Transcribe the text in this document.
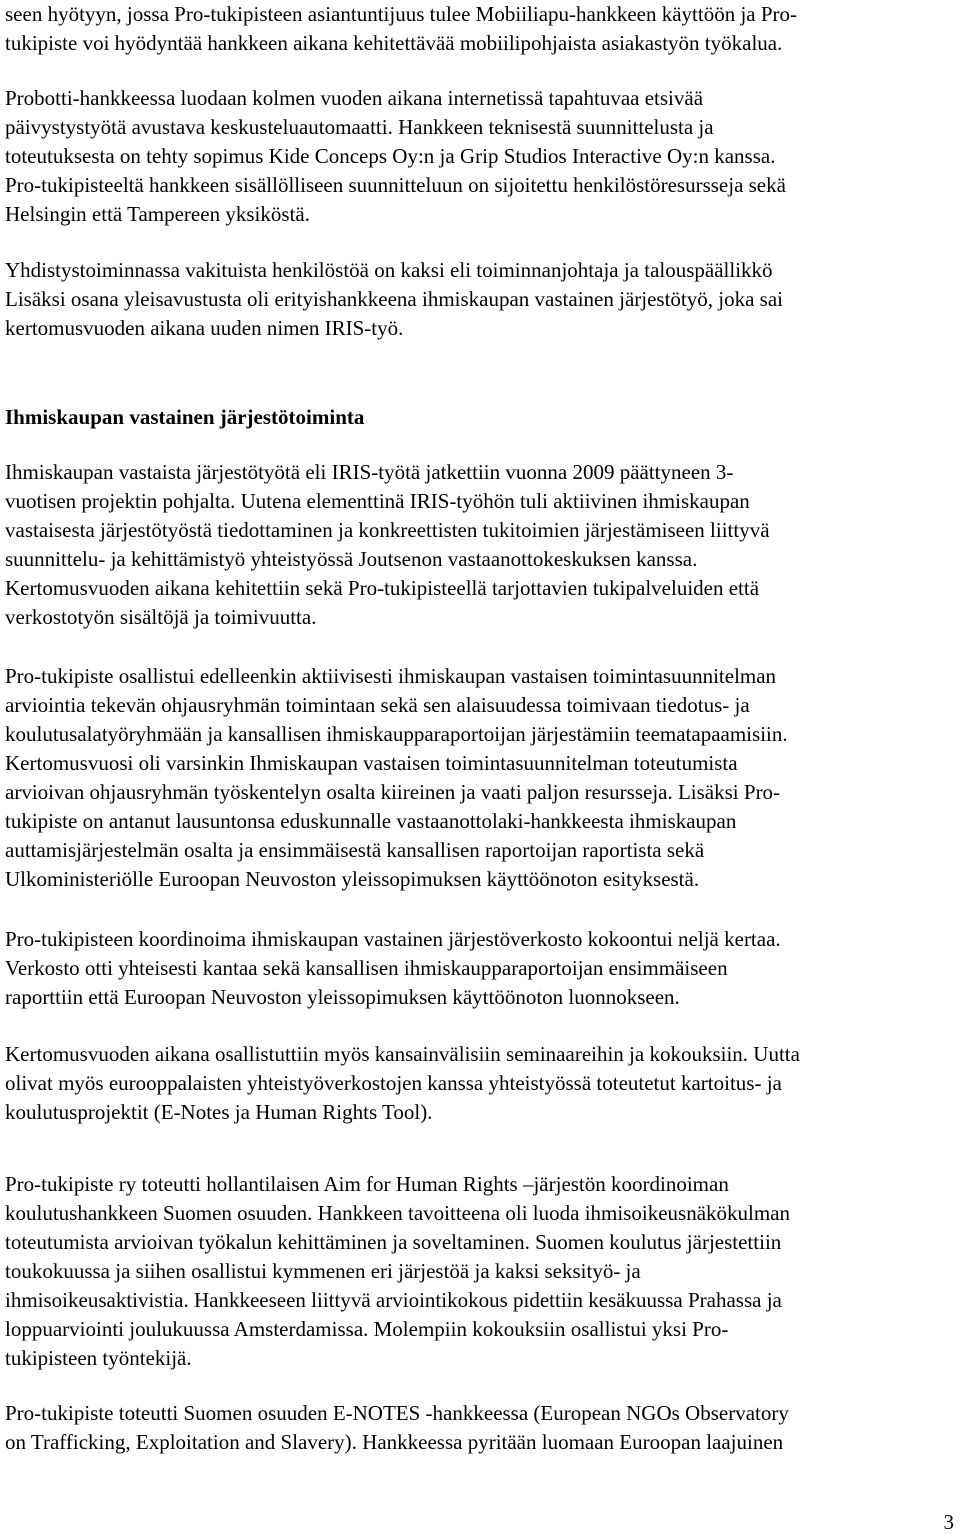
seen hyötyyn, jossa Pro-tukipisteen asiantuntijuus tulee Mobiiliapu-hankkeen käyttöön ja Pro-
tukipiste voi hyödyntää hankkeen aikana kehitettävää mobiilipohjaista asiakastyön työkalua.
Probotti-hankkeessa luodaan kolmen vuoden aikana internetissä tapahtuvaa etsivää
päivystystyötä avustava keskusteluautomaatti. Hankkeen teknisestä suunnittelusta ja
toteutuksesta on tehty sopimus Kide Conceps Oy:n ja Grip Studios Interactive Oy:n kanssa.
Pro-tukipisteeltä hankkeen sisällölliseen suunnitteluun on sijoitettu henkilöstöresursseja sekä
Helsingin että Tampereen yksiköstä.
Yhdistystoiminnassa vakituista henkilöstöä on kaksi eli toiminnanjohtaja ja talouspäällikkö
Lisäksi osana yleisavustusta oli erityishankkeena ihmiskaupan vastainen järjestötyö, joka sai
kertomusvuoden aikana uuden nimen IRIS-työ.
Ihmiskaupan vastainen järjestötoiminta
Ihmiskaupan vastaista järjestötyötä eli IRIS-työtä jatkettiin vuonna 2009 päättyneen 3-
vuotisen projektin pohjalta. Uutena elementtinä IRIS-työhön tuli aktiivinen ihmiskaupan
vastaisesta järjestötyöstä tiedottaminen ja konkreettisten tukitoimien järjestämiseen liittyvä
suunnittelu- ja kehittämistyö yhteistyössä Joutsenon vastaanottokeskuksen kanssa.
Kertomusvuoden aikana kehitettiin sekä Pro-tukipisteellä tarjottavien tukipalveluiden että
verkostotyön sisältöjä ja toimivuutta.
Pro-tukipiste osallistui edelleenkin aktiivisesti ihmiskaupan vastaisen toimintasuunnitelman
arviointia tekevän ohjausryhmän toimintaan sekä sen alaisuudessa toimivaan tiedotus- ja
koulutusalatyöryhmään ja kansallisen ihmiskaupparaportoijan järjestämiin teematapaamisiin.
Kertomusvuosi oli varsinkin Ihmiskaupan vastaisen toimintasuunnitelman toteutumista
arvioivan ohjausryhmän työskentelyn osalta kiireinen ja vaati paljon resursseja. Lisäksi Pro-
tukipiste on antanut lausuntonsa eduskunnalle vastaanottolaki-hankkeesta ihmiskaupan
auttamisjärjestelmän osalta ja ensimmäisestä kansallisen raportoijan raportista sekä
Ulkoministeriölle Euroopan Neuvoston yleissopimuksen käyttöönoton esityksestä.
Pro-tukipisteen koordinoima ihmiskaupan vastainen järjestöverkosto kokoontui neljä kertaa.
Verkosto otti yhteisesti kantaa sekä kansallisen ihmiskaupparaportoijan ensimmäiseen
raporttiin että Euroopan Neuvoston yleissopimuksen käyttöönoton luonnokseen.
Kertomusvuoden aikana osallistuttiin myös kansainvälisiin seminaareihin ja kokouksiin. Uutta
olivat myös eurooppalaisten yhteistyöverkostojen kanssa yhteistyössä toteutetut kartoitus- ja
koulutusprojektit (E-Notes ja Human Rights Tool).
Pro-tukipiste ry toteutti hollantilaisen Aim for Human Rights –järjestön koordinoiman
koulutushankkeen Suomen osuuden. Hankkeen tavoitteena oli luoda ihmisoikeusnäkökulman
toteutumista arvioivan työkalun kehittäminen ja soveltaminen. Suomen koulutus järjestettiin
toukokuussa ja siihen osallistui kymmenen eri järjestöä ja kaksi seksityö- ja
ihmisoikeusaktivistia. Hankkeeseen liittyvä arviointikokous pidettiin kesäkuussa Prahassa ja
loppuarviointi joulukuussa Amsterdamissa. Molempiin kokouksiin osallistui yksi Pro-
tukipisteen työntekijä.
Pro-tukipiste toteutti Suomen osuuden E-NOTES -hankkeessa (European NGOs Observatory
on Trafficking, Exploitation and Slavery). Hankkeessa pyritään luomaan Euroopan laajuinen
3
